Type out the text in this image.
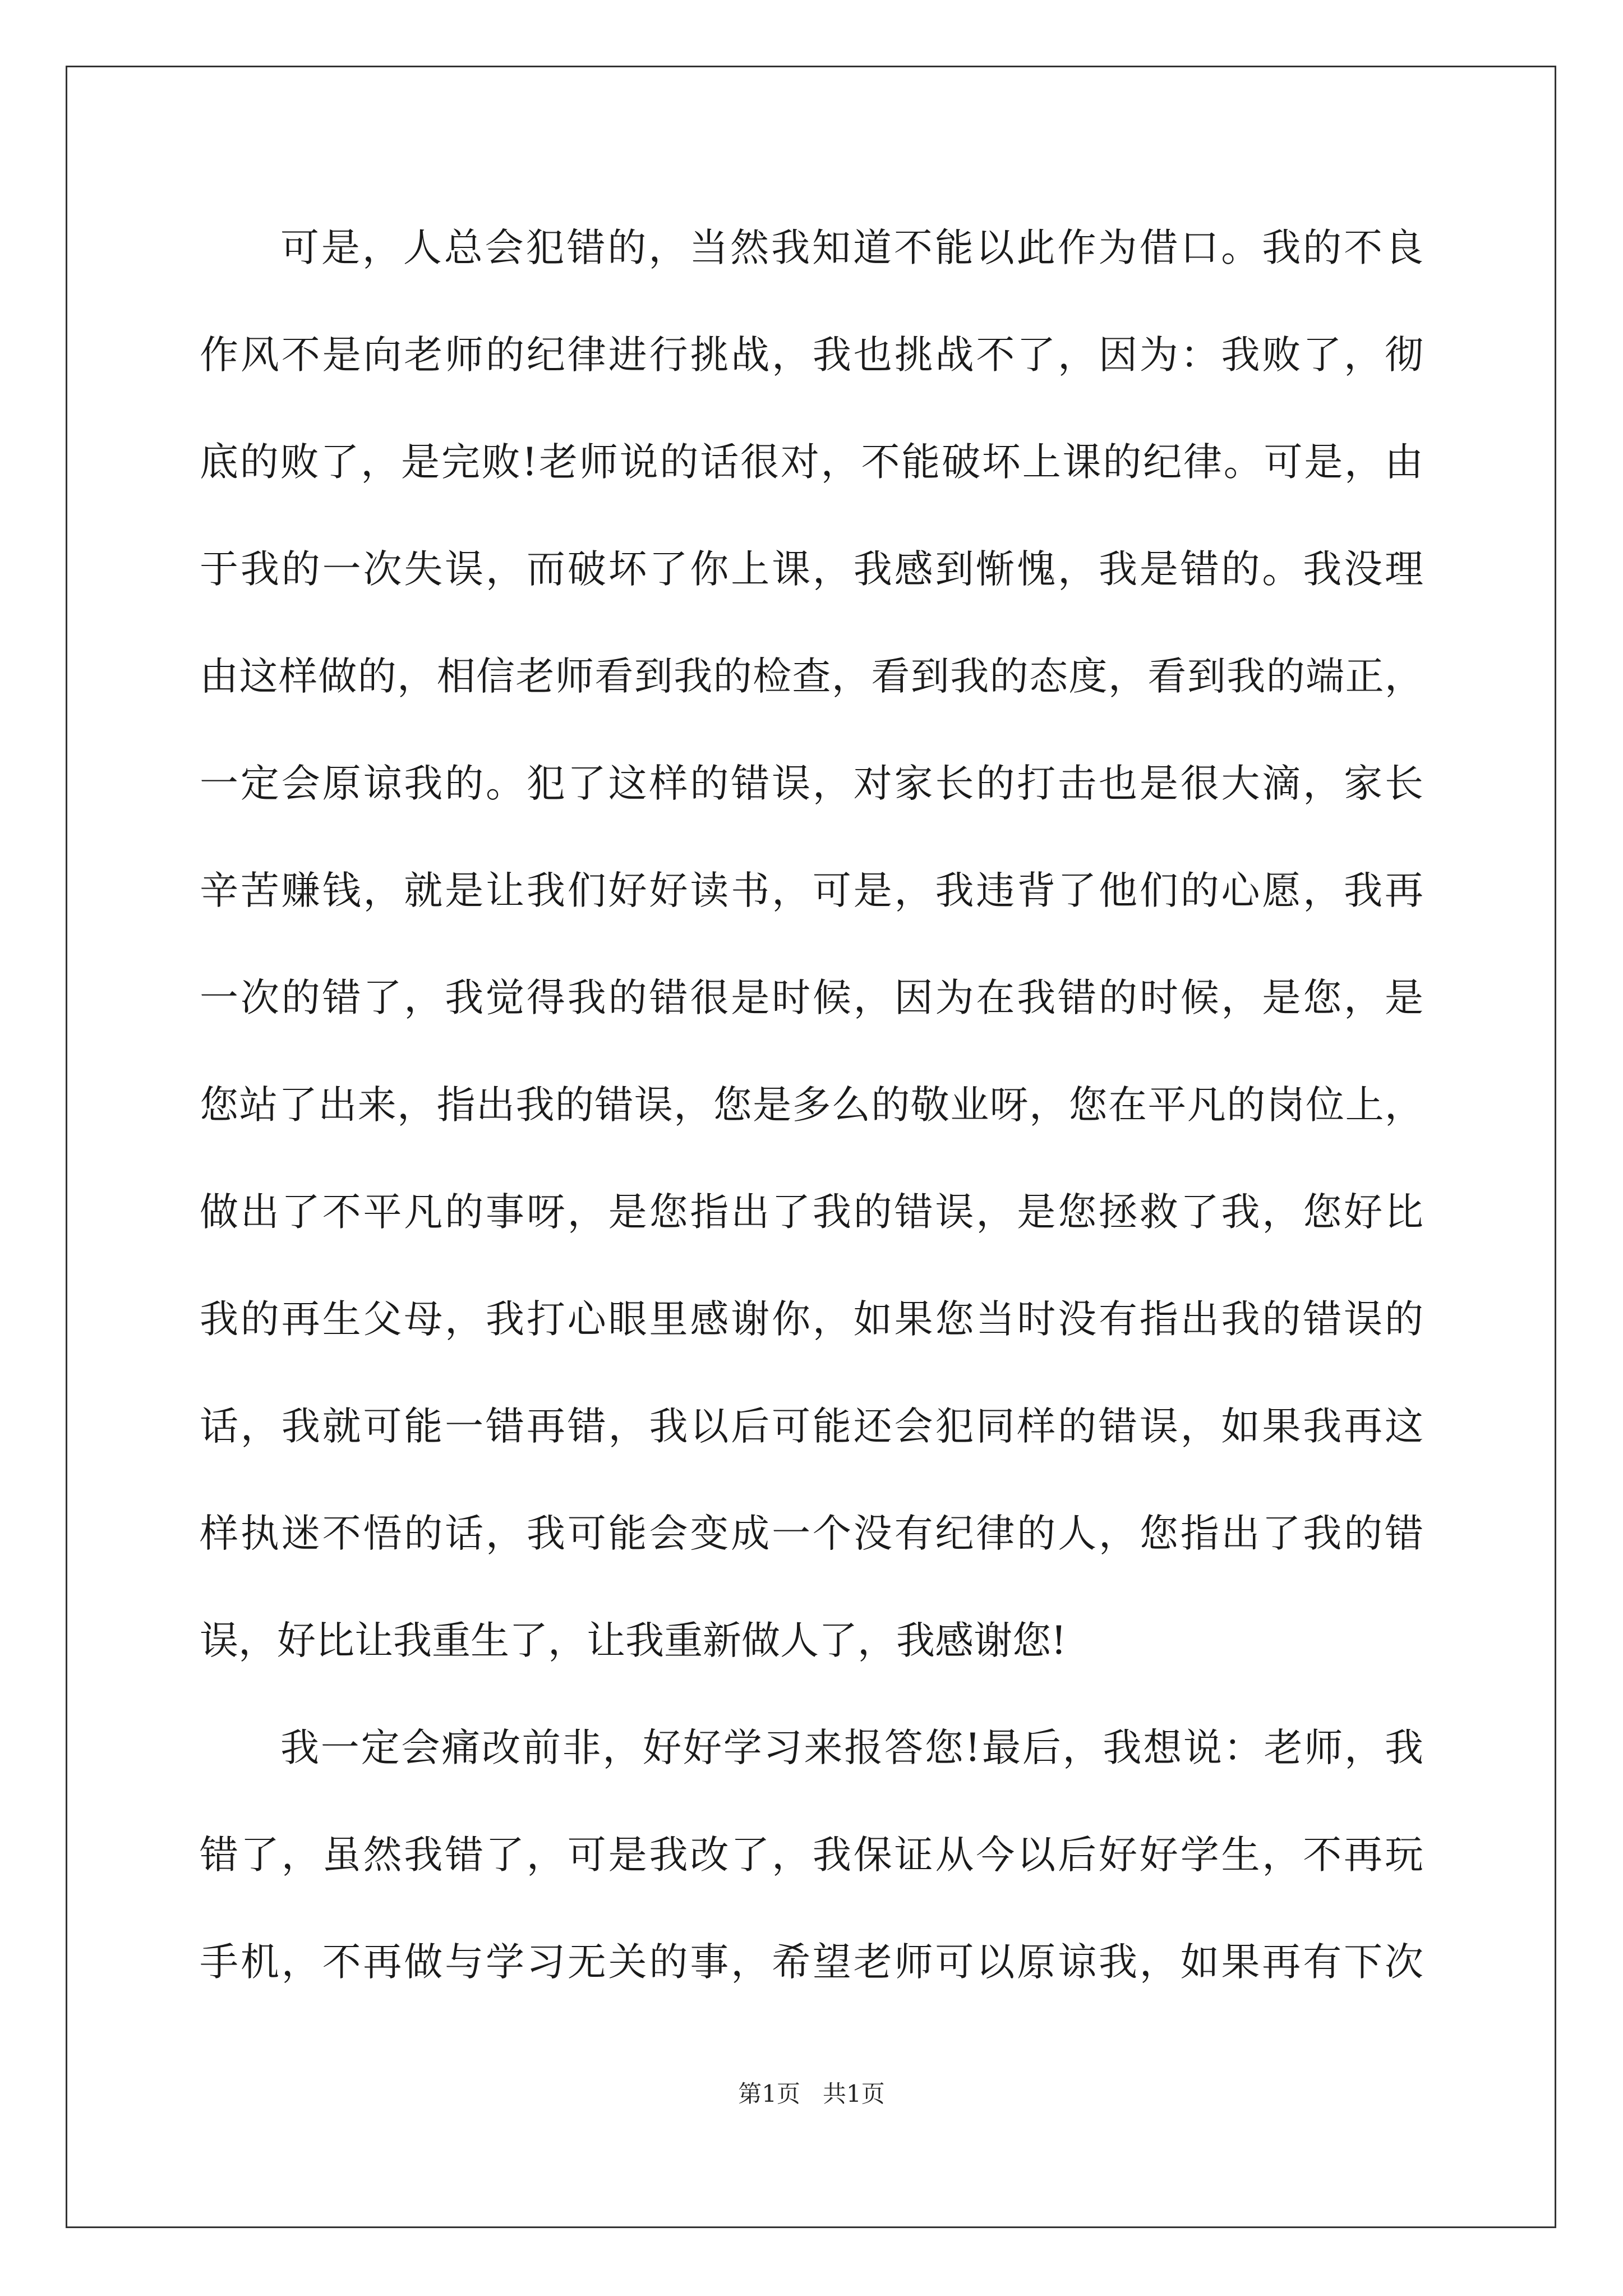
可是，人总会犯错的，当然我知道不能以此作为借口。我的不良
作风不是向老师的纪律进行挑战，我也挑战不了，因为：我败了，彻
底的败了，是完败!老师说的话很对，不能破坏上课的纪律。可是，由
于我的一次失误，而破坏了你上课，我感到惭愧，我是错的。我没理
由这样做的，相信老师看到我的检查，看到我的态度，看到我的端正，
一定会原谅我的。犯了这样的错误，对家长的打击也是很大滴，家长
辛苦赚钱，就是让我们好好读书，可是，我违背了他们的心愿，我再
一次的错了，我觉得我的错很是时候，因为在我错的时候，是您，是
您站了出来，指出我的错误，您是多么的敬业呀，您在平凡的岗位上，
做出了不平凡的事呀，是您指出了我的错误，是您拯救了我，您好比
我的再生父母，我打心眼里感谢你，如果您当时没有指出我的错误的
话，我就可能一错再错，我以后可能还会犯同样的错误，如果我再这
样执迷不悟的话，我可能会变成一个没有纪律的人，您指出了我的错
误，好比让我重生了，让我重新做人了，我感谢您!
我一定会痛改前非，好好学习来报答您!最后，我想说：老师，我
错了，虽然我错了，可是我改了，我保证从今以后好好学生，不再玩
手机，不再做与学习无关的事，希望老师可以原谅我，如果再有下次
第1页   共1页
